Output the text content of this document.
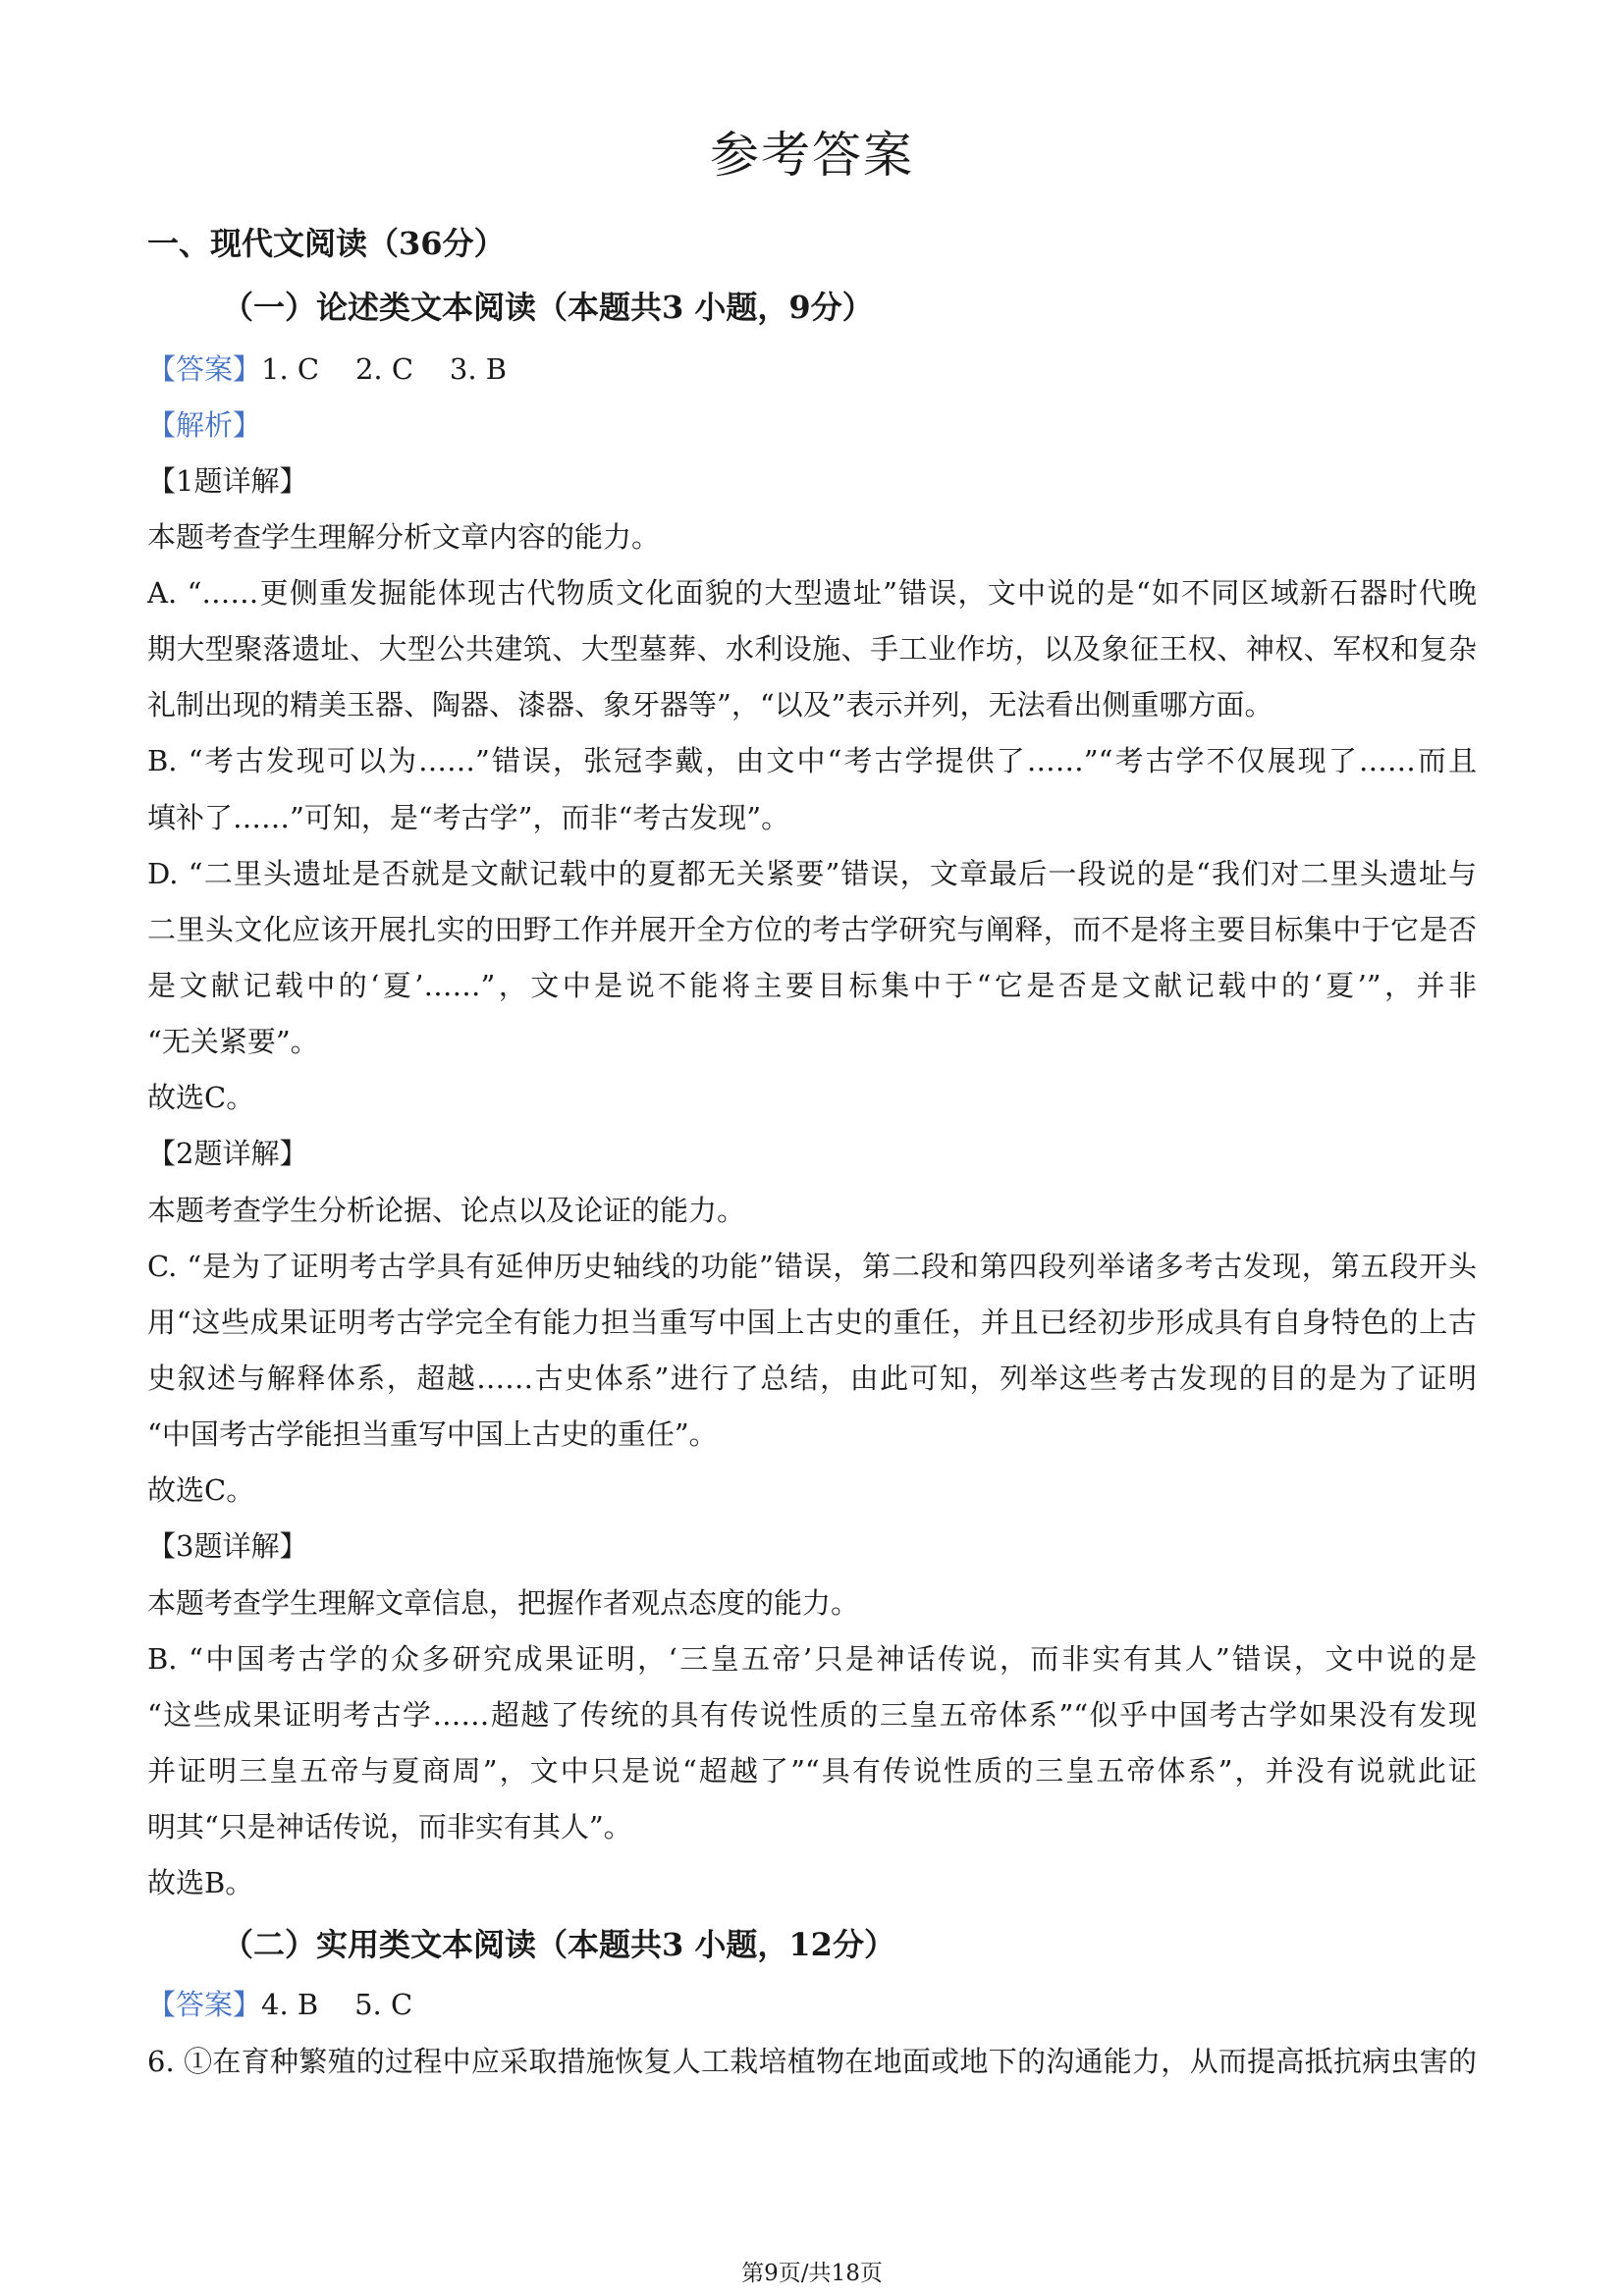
参考答案
一、现代文阅读（36分）
（一）论述类文本阅读（本题共3 小题，9分）
【答案】1. C    2. C    3. B
【解析】
【1题详解】
本题考查学生理解分析文章内容的能力。
A. “……更侧重发掘能体现古代物质文化面貌的大型遗址”错误，文中说的是“如不同区域新石器时代晚
期大型聚落遗址、大型公共建筑、大型墓葬、水利设施、手工业作坊，以及象征王权、神权、军权和复杂
礼制出现的精美玉器、陶器、漆器、象牙器等”，“以及”表示并列，无法看出侧重哪方面。
B. “考古发现可以为……”错误，张冠李戴，由文中“考古学提供了……”“考古学不仅展现了……而且
填补了……”可知，是“考古学”，而非“考古发现”。
D. “二里头遗址是否就是文献记载中的夏都无关紧要”错误，文章最后一段说的是“我们对二里头遗址与
二里头文化应该开展扎实的田野工作并展开全方位的考古学研究与阐释，而不是将主要目标集中于它是否
是文献记载中的‘夏’……”，文中是说不能将主要目标集中于“它是否是文献记载中的‘夏’”，并非
“无关紧要”。
故选C。
【2题详解】
本题考查学生分析论据、论点以及论证的能力。
C. “是为了证明考古学具有延伸历史轴线的功能”错误，第二段和第四段列举诸多考古发现，第五段开头
用“这些成果证明考古学完全有能力担当重写中国上古史的重任，并且已经初步形成具有自身特色的上古
史叙述与解释体系，超越……古史体系”进行了总结，由此可知，列举这些考古发现的目的是为了证明
“中国考古学能担当重写中国上古史的重任”。
故选C。
【3题详解】
本题考查学生理解文章信息，把握作者观点态度的能力。
B. “中国考古学的众多研究成果证明，‘三皇五帝’只是神话传说，而非实有其人”错误，文中说的是
“这些成果证明考古学……超越了传统的具有传说性质的三皇五帝体系”“似乎中国考古学如果没有发现
并证明三皇五帝与夏商周”，文中只是说“超越了”“具有传说性质的三皇五帝体系”，并没有说就此证
明其“只是神话传说，而非实有其人”。
故选B。
（二）实用类文本阅读（本题共3 小题，12分）
【答案】4. B    5. C
6. ①在育种繁殖的过程中应采取措施恢复人工栽培植物在地面或地下的沟通能力，从而提高抵抗病虫害的
第9页/共18页
